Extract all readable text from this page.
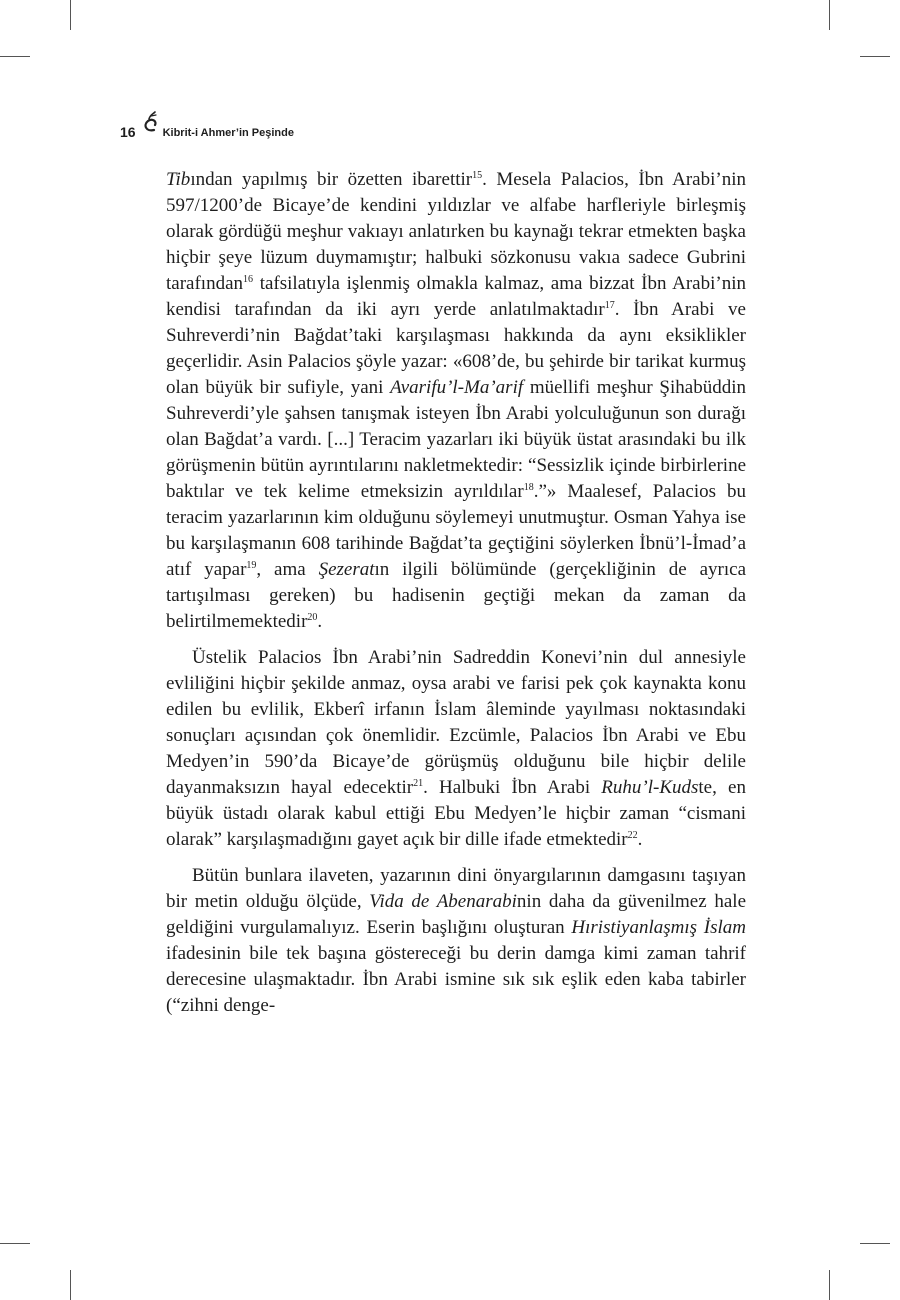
16 Kibrit-i Ahmer’in Peşinde

Tibından yapılmış bir özetten ibarettir$^{15}$. Mesela Palacios, İbn Arabi’nin 597/1200’de Bicaye’de kendini yıldızlar ve alfabe harfleriyle birleşmiş olarak gördüğü meşhur vakıayı anlatırken bu kaynağı tekrar etmekten başka hiçbir şeye lüzum duymamıştır; halbuki sözkonusu vakıa sadece Gubrini tarafından$^{16}$ tafsilatıyla işlenmiş olmakla kalmaz, ama bizzat İbn Arabi’nin kendisi tarafından da iki ayrı yerde anlatılmaktadır$^{17}$. İbn Arabi ve Suhreverdi’nin Bağdat’taki karşılaşması hakkında da aynı eksiklikler geçerlidir. Asin Palacios şöyle yazar: «608’de, bu şehirde bir tarikat kurmuş olan büyük bir sufiyle, yani Avarifu’l-Ma’arif müellifi meşhur Şihabüddin Suhreverdi’yle şahsen tanışmak isteyen İbn Arabi yolculuğunun son durağı olan Bağdat’a vardı. [...] Teracim yazarları iki büyük üstat arasındaki bu ilk görüşmenin bütün ayrıntılarını nakletmektedir: “Sessizlik içinde birbirlerine baktılar ve tek kelime etmeksizin ayrıldılar$^{18}$.”» Maalesef, Palacios bu teracim yazarlarının kim olduğunu söylemeyi unutmuştur. Osman Yahya ise bu karşılaşmanın 608 tarihinde Bağdat’ta geçtiğini söylerken İbnü’l-İmad’a atıf yapar$^{19}$, ama Şezeratın ilgili bölümünde (gerçekliğinin de ayrıca tartışılması gereken) bu hadisenin geçtiği mekan da zaman da belirtilmemektedir$^{20}$.

Üstelik Palacios İbn Arabi’nin Sadreddin Konevi’nin dul annesiyle evliliğini hiçbir şekilde anmaz, oysa arabi ve farisi pek çok kaynakta konu edilen bu evlilik, Ekberî irfanın İslam âleminde yayılması noktasındaki sonuçları açısından çok önemlidir. Ezcümle, Palacios İbn Arabi ve Ebu Medyen’in 590’da Bicaye’de görüşmüş olduğunu bile hiçbir delile dayanmaksızın hayal edecektir$^{21}$. Halbuki İbn Arabi Ruhu’l-Kudste, en büyük üstadı olarak kabul ettiği Ebu Medyen’le hiçbir zaman “cismani olarak” karşılaşmadığını gayet açık bir dille ifade etmektedir$^{22}$.

Bütün bunlara ilaveten, yazarının dini önyargılarının damgasını taşıyan bir metin olduğu ölçüde, Vida de Abenarabinin daha da güvenilmez hale geldiğini vurgulamalıyız. Eserin başlığını oluşturan Hıristiyanlaşmış İslam ifadesinin bile tek başına göstereceği bu derin damga kimi zaman tahrif derecesine ulaşmaktadır. İbn Arabi ismine sık sık eşlik eden kaba tabirler (“zihni denge-
